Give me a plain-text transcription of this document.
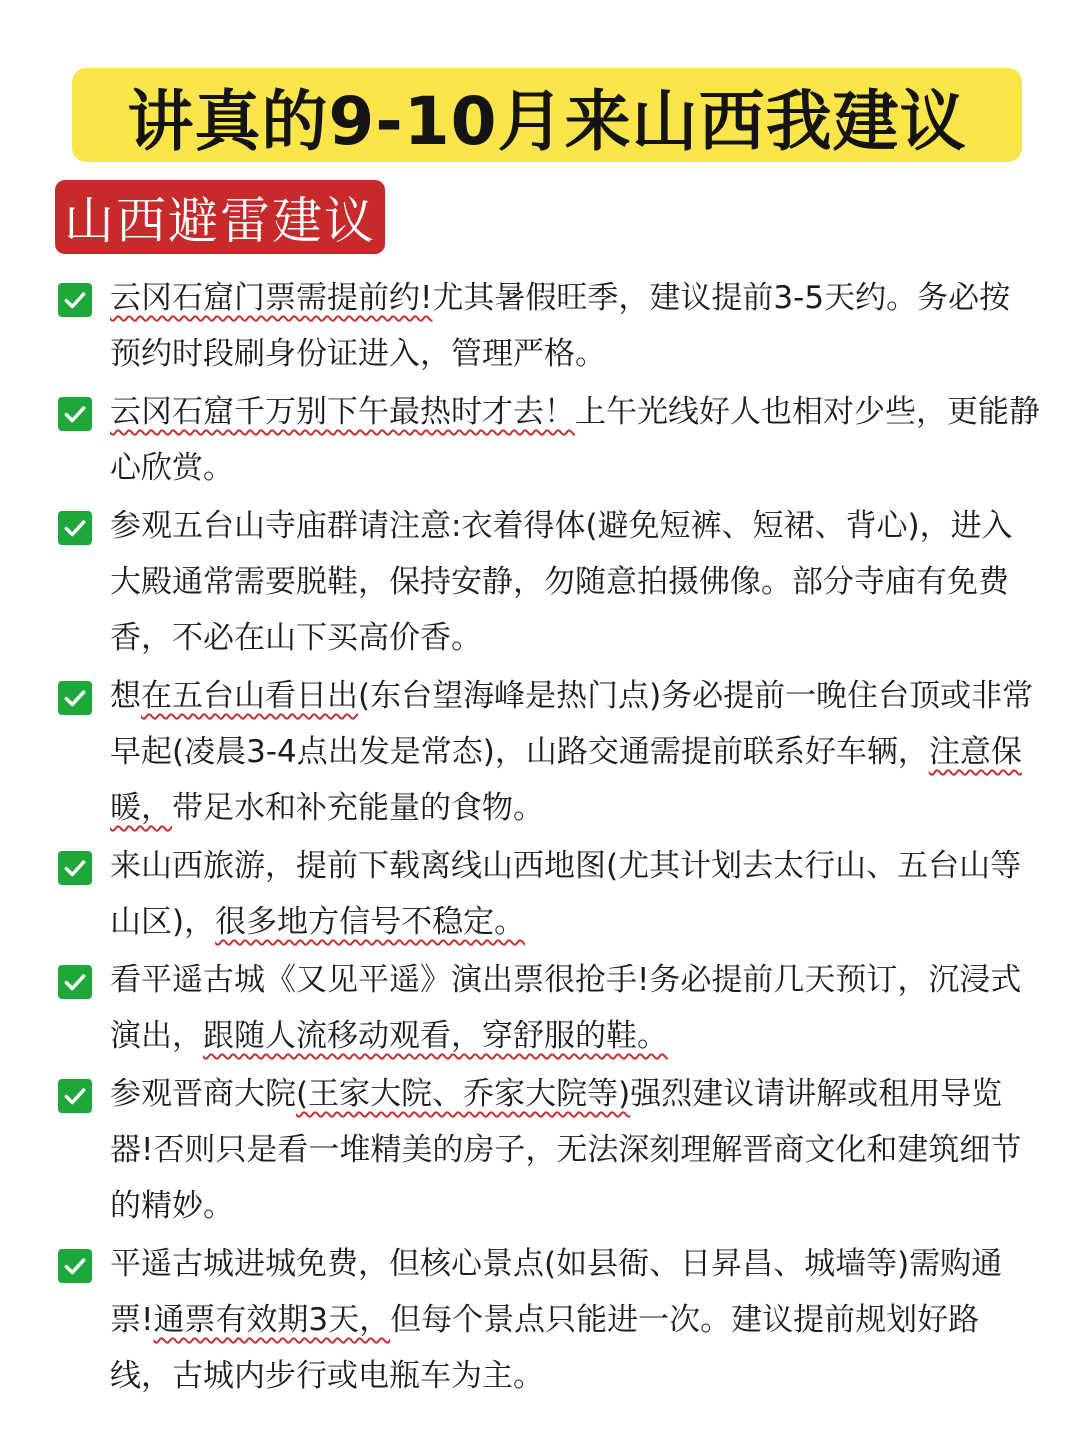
讲真的9-10月来山西我建议
山西避雷建议
云冈石窟门票需提前约!尤其暑假旺季，建议提前3-5天约。务必按预约时段刷身份证进入，管理严格。
云冈石窟千万别下午最热时才去！上午光线好人也相对少些，更能静心欣赏。
参观五台山寺庙群请注意:衣着得体(避免短裤、短裙、背心)，进入大殿通常需要脱鞋，保持安静，勿随意拍摄佛像。部分寺庙有免费香，不必在山下买高价香。
想在五台山看日出(东台望海峰是热门点)务必提前一晚住台顶或非常早起(凌晨3-4点出发是常态)，山路交通需提前联系好车辆，注意保暖，带足水和补充能量的食物。
来山西旅游，提前下载离线山西地图(尤其计划去太行山、五台山等山区)，很多地方信号不稳定。
看平遥古城《又见平遥》演出票很抢手!务必提前几天预订，沉浸式演出，跟随人流移动观看，穿舒服的鞋。
参观晋商大院(王家大院、乔家大院等)强烈建议请讲解或租用导览器!否则只是看一堆精美的房子，无法深刻理解晋商文化和建筑细节的精妙。
平遥古城进城免费，但核心景点(如县衙、日昇昌、城墙等)需购通票!通票有效期3天，但每个景点只能进一次。建议提前规划好路线，古城内步行或电瓶车为主。
